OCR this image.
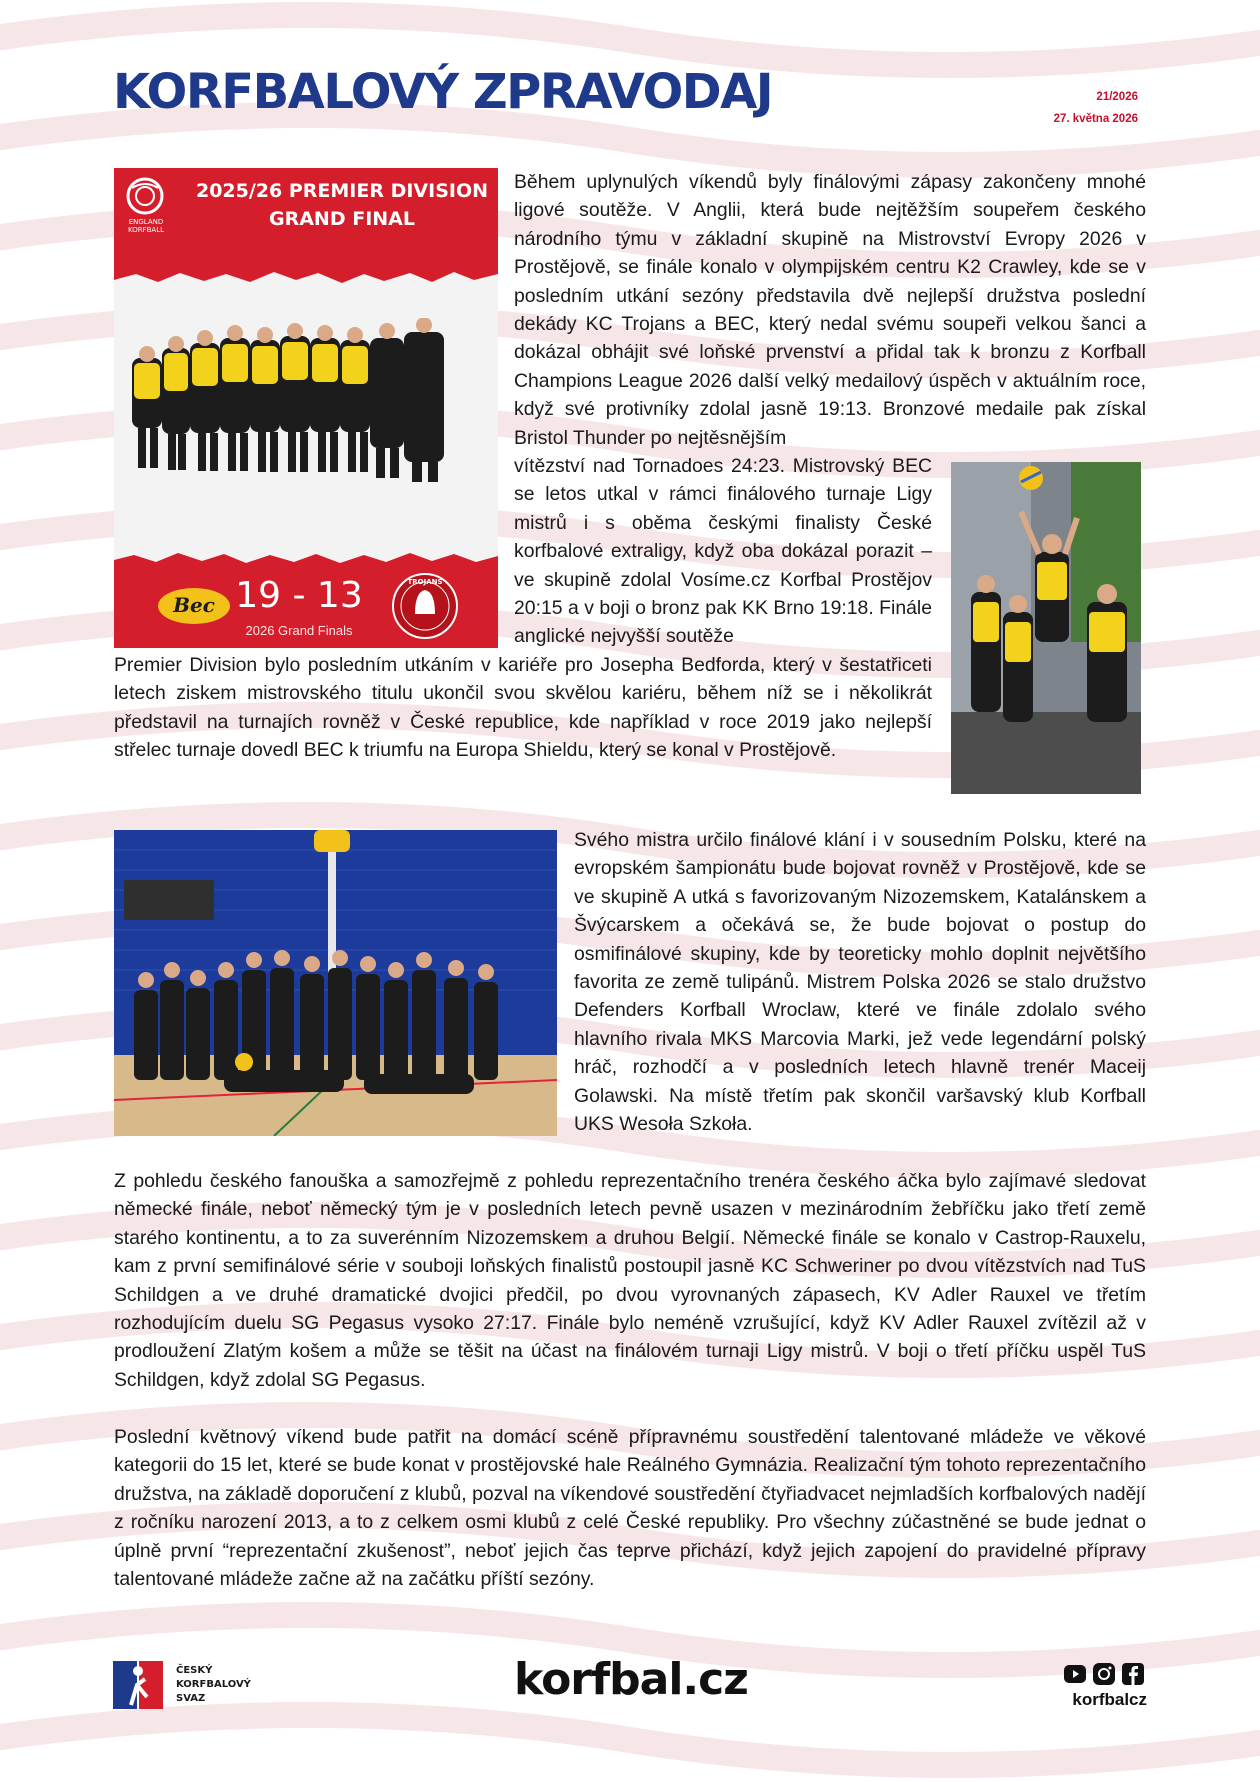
KORFBALOVÝ ZPRAVODAJ	21/2026
27. května 2026
ENGLAND KORFBALL
2025/26 PREMIER DIVISION
GRAND FINAL
Bec 19 - 13
2026 Grand Finals
TROJANS

Během uplynulých víkendů byly finálovými zápasy zakončeny mnohé ligové soutěže. V Anglii, která bude nejtěžším soupeřem českého národního týmu v základní skupině na Mistrovství Evropy 2026 v Prostějově, se finále konalo v olympijském centru K2 Crawley, kde se v posledním utkání sezóny představila dvě nejlepší družstva poslední dekády KC Trojans a BEC, který nedal svému soupeři velkou šanci a dokázal obhájit své loňské prvenství a přidal tak k bronzu z Korfball Champions League 2026 další velký medailový úspěch v aktuálním roce, když své protivníky zdolal jasně 19:13. Bronzové medaile pak získal Bristol Thunder po nejtěsnějším

vítězství nad Tornadoes 24:23. Mistrovský BEC se letos utkal v rámci finálového turnaje Ligy mistrů i s oběma českými finalisty České korfbalové extraligy, když oba dokázal porazit – ve skupině zdolal Vosíme.cz Korfbal Prostějov 20:15 a v boji o bronz pak KK Brno 19:18. Finále anglické nejvyšší soutěže

Premier Division bylo posledním utkáním v kariéře pro Josepha Bedforda, který v šestatřiceti letech ziskem mistrovského titulu ukončil svou skvělou kariéru, během níž se i několikrát představil na turnajích rovněž v České republice, kde například v roce 2019 jako nejlepší střelec turnaje dovedl BEC k triumfu na Europa Shieldu, který se konal v Prostějově.

Svého mistra určilo finálové klání i v sousedním Polsku, které na evropském šampionátu bude bojovat rovněž v Prostějově, kde se ve skupině A utká s favorizovaným Nizozemskem, Katalánskem a Švýcarskem a očekává se, že bude bojovat o postup do osmifinálové skupiny, kde by teoreticky mohlo doplnit největšího favorita ze země tulipánů. Mistrem Polska 2026 se stalo družstvo Defenders Korfball Wroclaw, které ve finále zdolalo svého hlavního rivala MKS Marcovia Marki, jež vede legendární polský hráč, rozhodčí a v posledních letech hlavně trenér Maceij Golawski. Na místě třetím pak skončil varšavský klub Korfball UKS Wesoła Szkoła.

Z pohledu českého fanouška a samozřejmě z pohledu reprezentačního trenéra českého áčka bylo zajímavé sledovat německé finále, neboť německý tým je v posledních letech pevně usazen v mezinárodním žebříčku jako třetí země starého kontinentu, a to za suverénním Nizozemskem a druhou Belgií. Německé finále se konalo v Castrop-Rauxelu, kam z první semifinálové série v souboji loňských finalistů postoupil jasně KC Schweriner po dvou vítězstvích nad TuS Schildgen a ve druhé dramatické dvojici předčil, po dvou vyrovnaných zápasech, KV Adler Rauxel ve třetím rozhodujícím duelu SG Pegasus vysoko 27:17. Finále bylo neméně vzrušující, když KV Adler Rauxel zvítězil až v prodloužení Zlatým košem a může se těšit na účast na finálovém turnaji Ligy mistrů. V boji o třetí příčku uspěl TuS Schildgen, když zdolal SG Pegasus.

Poslední květnový víkend bude patřit na domácí scéně přípravnému soustředění talentované mládeže ve věkové kategorii do 15 let, které se bude konat v prostějovské hale Reálného Gymnázia. Realizační tým tohoto reprezentačního družstva, na základě doporučení z klubů, pozval na víkendové soustředění čtyřiadvacet nejmladších korfbalových nadějí z ročníku narození 2013, a to z celkem osmi klubů z celé České republiky. Pro všechny zúčastněné se bude jednat o úplně první “reprezentační zkušenost”, neboť jejich čas teprve přichází, když jejich zapojení do pravidelné přípravy talentované mládeže začne až na začátku příští sezóny.

ČESKÝ
KORFBALOVÝ
SVAZ	korfbal.cz	korfbalcz
